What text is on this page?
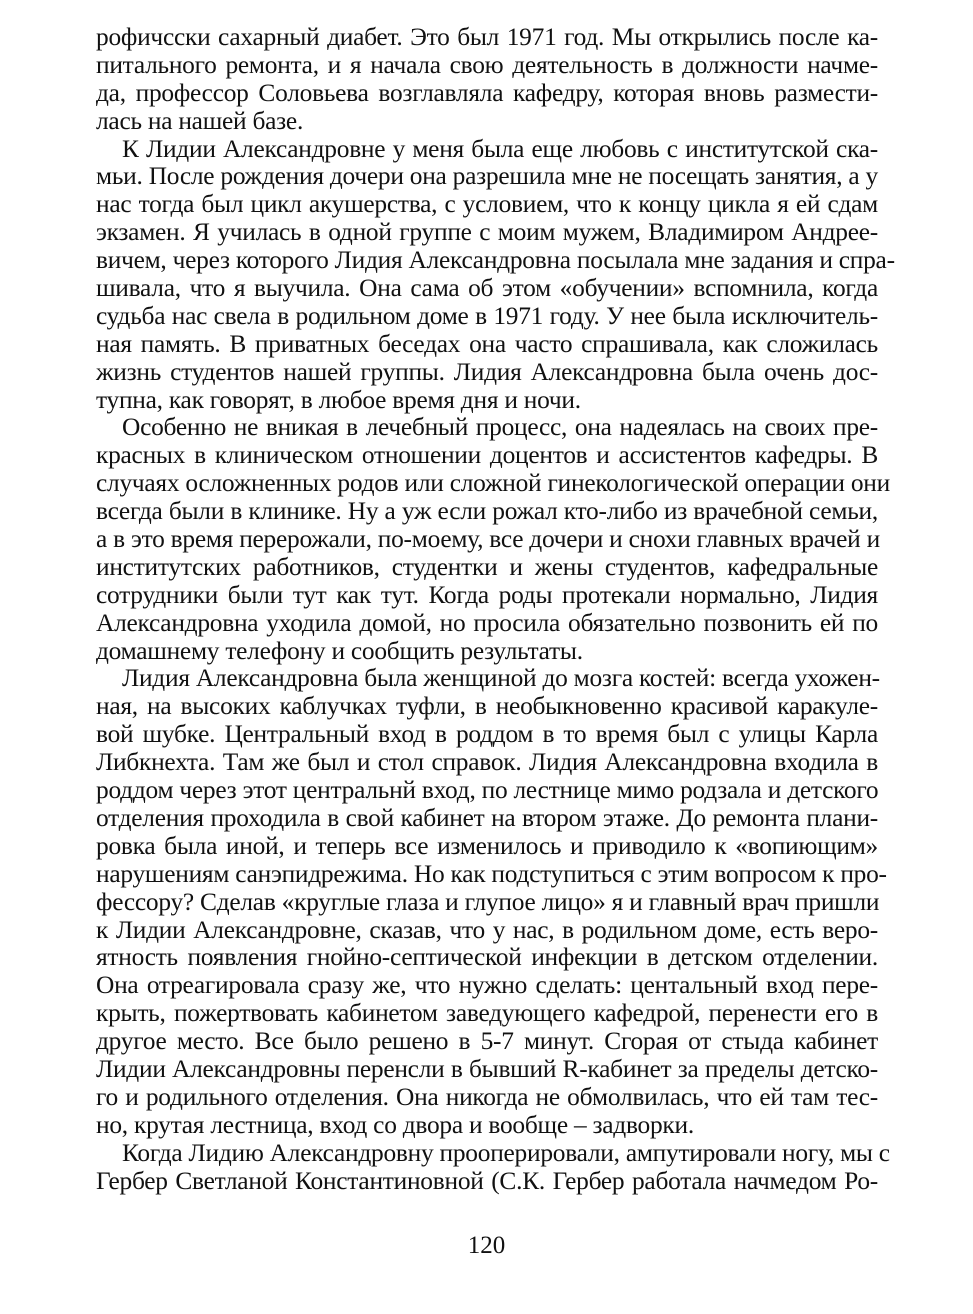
рофичсски сахарный диабет. Это был 1971 год. Мы открылись после ка-
питального ремонта, и я начала свою деятельность в должности начме-
да, профессор Соловьева возглавляла кафедру, которая вновь размести-
лась на нашей базе.
К Лидии Александровне у меня была еще любовь с институтской ска-
мьи. После рождения дочери она разрешила мне не посещать занятия, а у
нас тогда был цикл акушерства, с условием, что к концу цикла я ей сдам
экзамен. Я училась в одной группе с моим мужем, Владимиром Андрее-
вичем, через которого Лидия Александровна посылала мне задания и спра-
шивала, что я выучила. Она сама об этом «обучении» вспомнила, когда
судьба нас свела в родильном доме в 1971 году. У нее была исключитель-
ная память. В приватных беседах она часто спрашивала, как сложилась
жизнь студентов нашей группы. Лидия Александровна была очень дос-
тупна, как говорят, в любое время дня и ночи.
Особенно не вникая в лечебный процесс, она надеялась на своих пре-
красных в клиническом отношении доцентов и ассистентов кафедры. В
случаях осложненных родов или сложной гинекологической операции они
всегда были в клинике. Ну а уж если рожал кто-либо из врачебной семьи,
а в это время перерожали, по-моему, все дочери и снохи главных врачей и
институтских работников, студентки и жены студентов, кафедральные
сотрудники были тут как тут. Когда роды протекали нормально, Лидия
Александровна уходила домой, но просила обязательно позвонить ей по
домашнему телефону и сообщить результаты.
Лидия Александровна была женщиной до мозга костей: всегда ухожен-
ная, на высоких каблучках туфли, в необыкновенно красивой каракуле-
вой шубке. Центральный вход в роддом в то время был с улицы Карла
Либкнехта. Там же был и стол справок. Лидия Александровна входила в
роддом через этот центральнй вход, по лестнице мимо родзала и детского
отделения проходила в свой кабинет на втором этаже. До ремонта плани-
ровка была иной, и теперь все изменилось и приводило к «вопиющим»
нарушениям санэпидрежима. Но как подступиться с этим вопросом к про-
фессору? Сделав «круглые глаза и глупое лицо» я и главный врач пришли
к Лидии Александровне, сказав, что у нас, в родильном доме, есть веро-
ятность появления гнойно-септической инфекции в детском отделении.
Она отреагировала сразу же, что нужно сделать: центальный вход пере-
крыть, пожертвовать кабинетом заведующего кафедрой, перенести его в
другое место. Все было решено в 5-7 минут. Сгорая от стыда кабинет
Лидии Александровны перенсли в бывший R-кабинет за пределы детско-
го и родильного отделения. Она никогда не обмолвилась, что ей там тес-
но, крутая лестница, вход со двора и вообще – задворки.
Когда Лидию Александровну прооперировали, ампутировали ногу, мы с
Гербер Светланой Константиновной (С.К. Гербер работала начмедом Ро-
120
